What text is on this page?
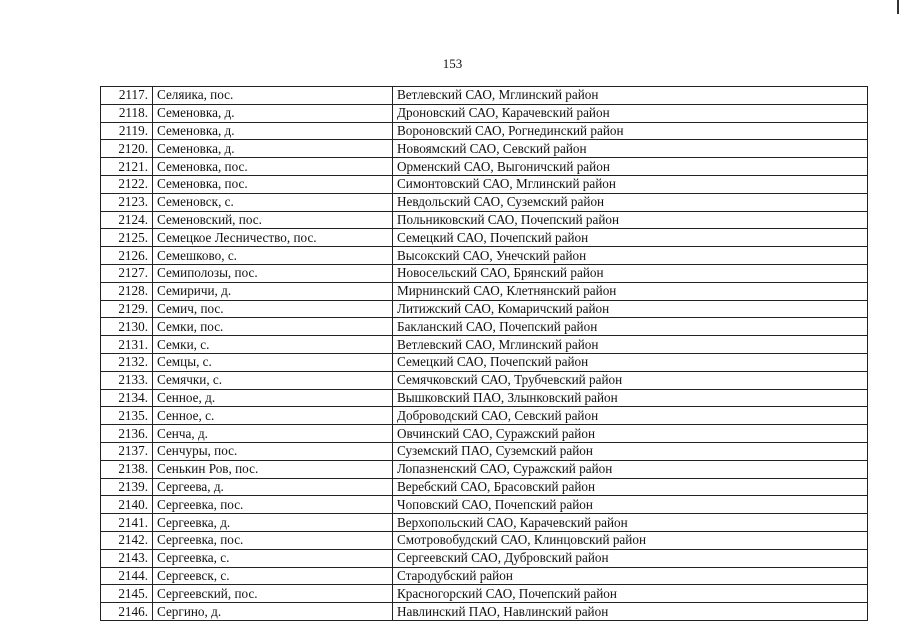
153
2117.	Селяика, пос.	Ветлевский САО, Мглинский район
2118.	Семеновка, д.	Дроновский САО, Карачевский район
2119.	Семеновка, д.	Вороновский САО, Рогнединский район
2120.	Семеновка, д.	Новоямский САО, Севский район
2121.	Семеновка, пос.	Орменский САО, Выгоничский район
2122.	Семеновка, пос.	Симонтовский САО, Мглинский район
2123.	Семеновск, с.	Невдольский САО, Суземский район
2124.	Семеновский, пос.	Польниковский САО, Почепский район
2125.	Семецкое Лесничество, пос.	Семецкий САО, Почепский район
2126.	Семешково, с.	Высокский САО, Унечский район
2127.	Семиполозы, пос.	Новосельский САО, Брянский район
2128.	Семиричи, д.	Мирнинский САО, Клетнянский район
2129.	Семич, пос.	Литижский САО, Комаричский район
2130.	Семки, пос.	Бакланский САО, Почепский район
2131.	Семки, с.	Ветлевский САО, Мглинский район
2132.	Семцы, с.	Семецкий САО, Почепский район
2133.	Семячки, с.	Семячковский САО, Трубчевский район
2134.	Сенное, д.	Вышковский ПАО, Злынковский район
2135.	Сенное, с.	Доброводский САО, Севский район
2136.	Сенча, д.	Овчинский САО, Суражский район
2137.	Сенчуры, пос.	Суземский ПАО, Суземский район
2138.	Сенькин Ров, пос.	Лопазненский САО, Суражский район
2139.	Сергеева, д.	Веребский САО, Брасовский район
2140.	Сергеевка, пос.	Чоповский САО, Почепский район
2141.	Сергеевка, д.	Верхопольский САО, Карачевский район
2142.	Сергеевка, пос.	Смотровобудский САО, Клинцовский район
2143.	Сергеевка, с.	Сергеевский САО, Дубровский район
2144.	Сергеевск, с.	Стародубский район
2145.	Сергеевский, пос.	Красногорский САО, Почепский район
2146.	Сергино, д.	Навлинский ПАО, Навлинский район
